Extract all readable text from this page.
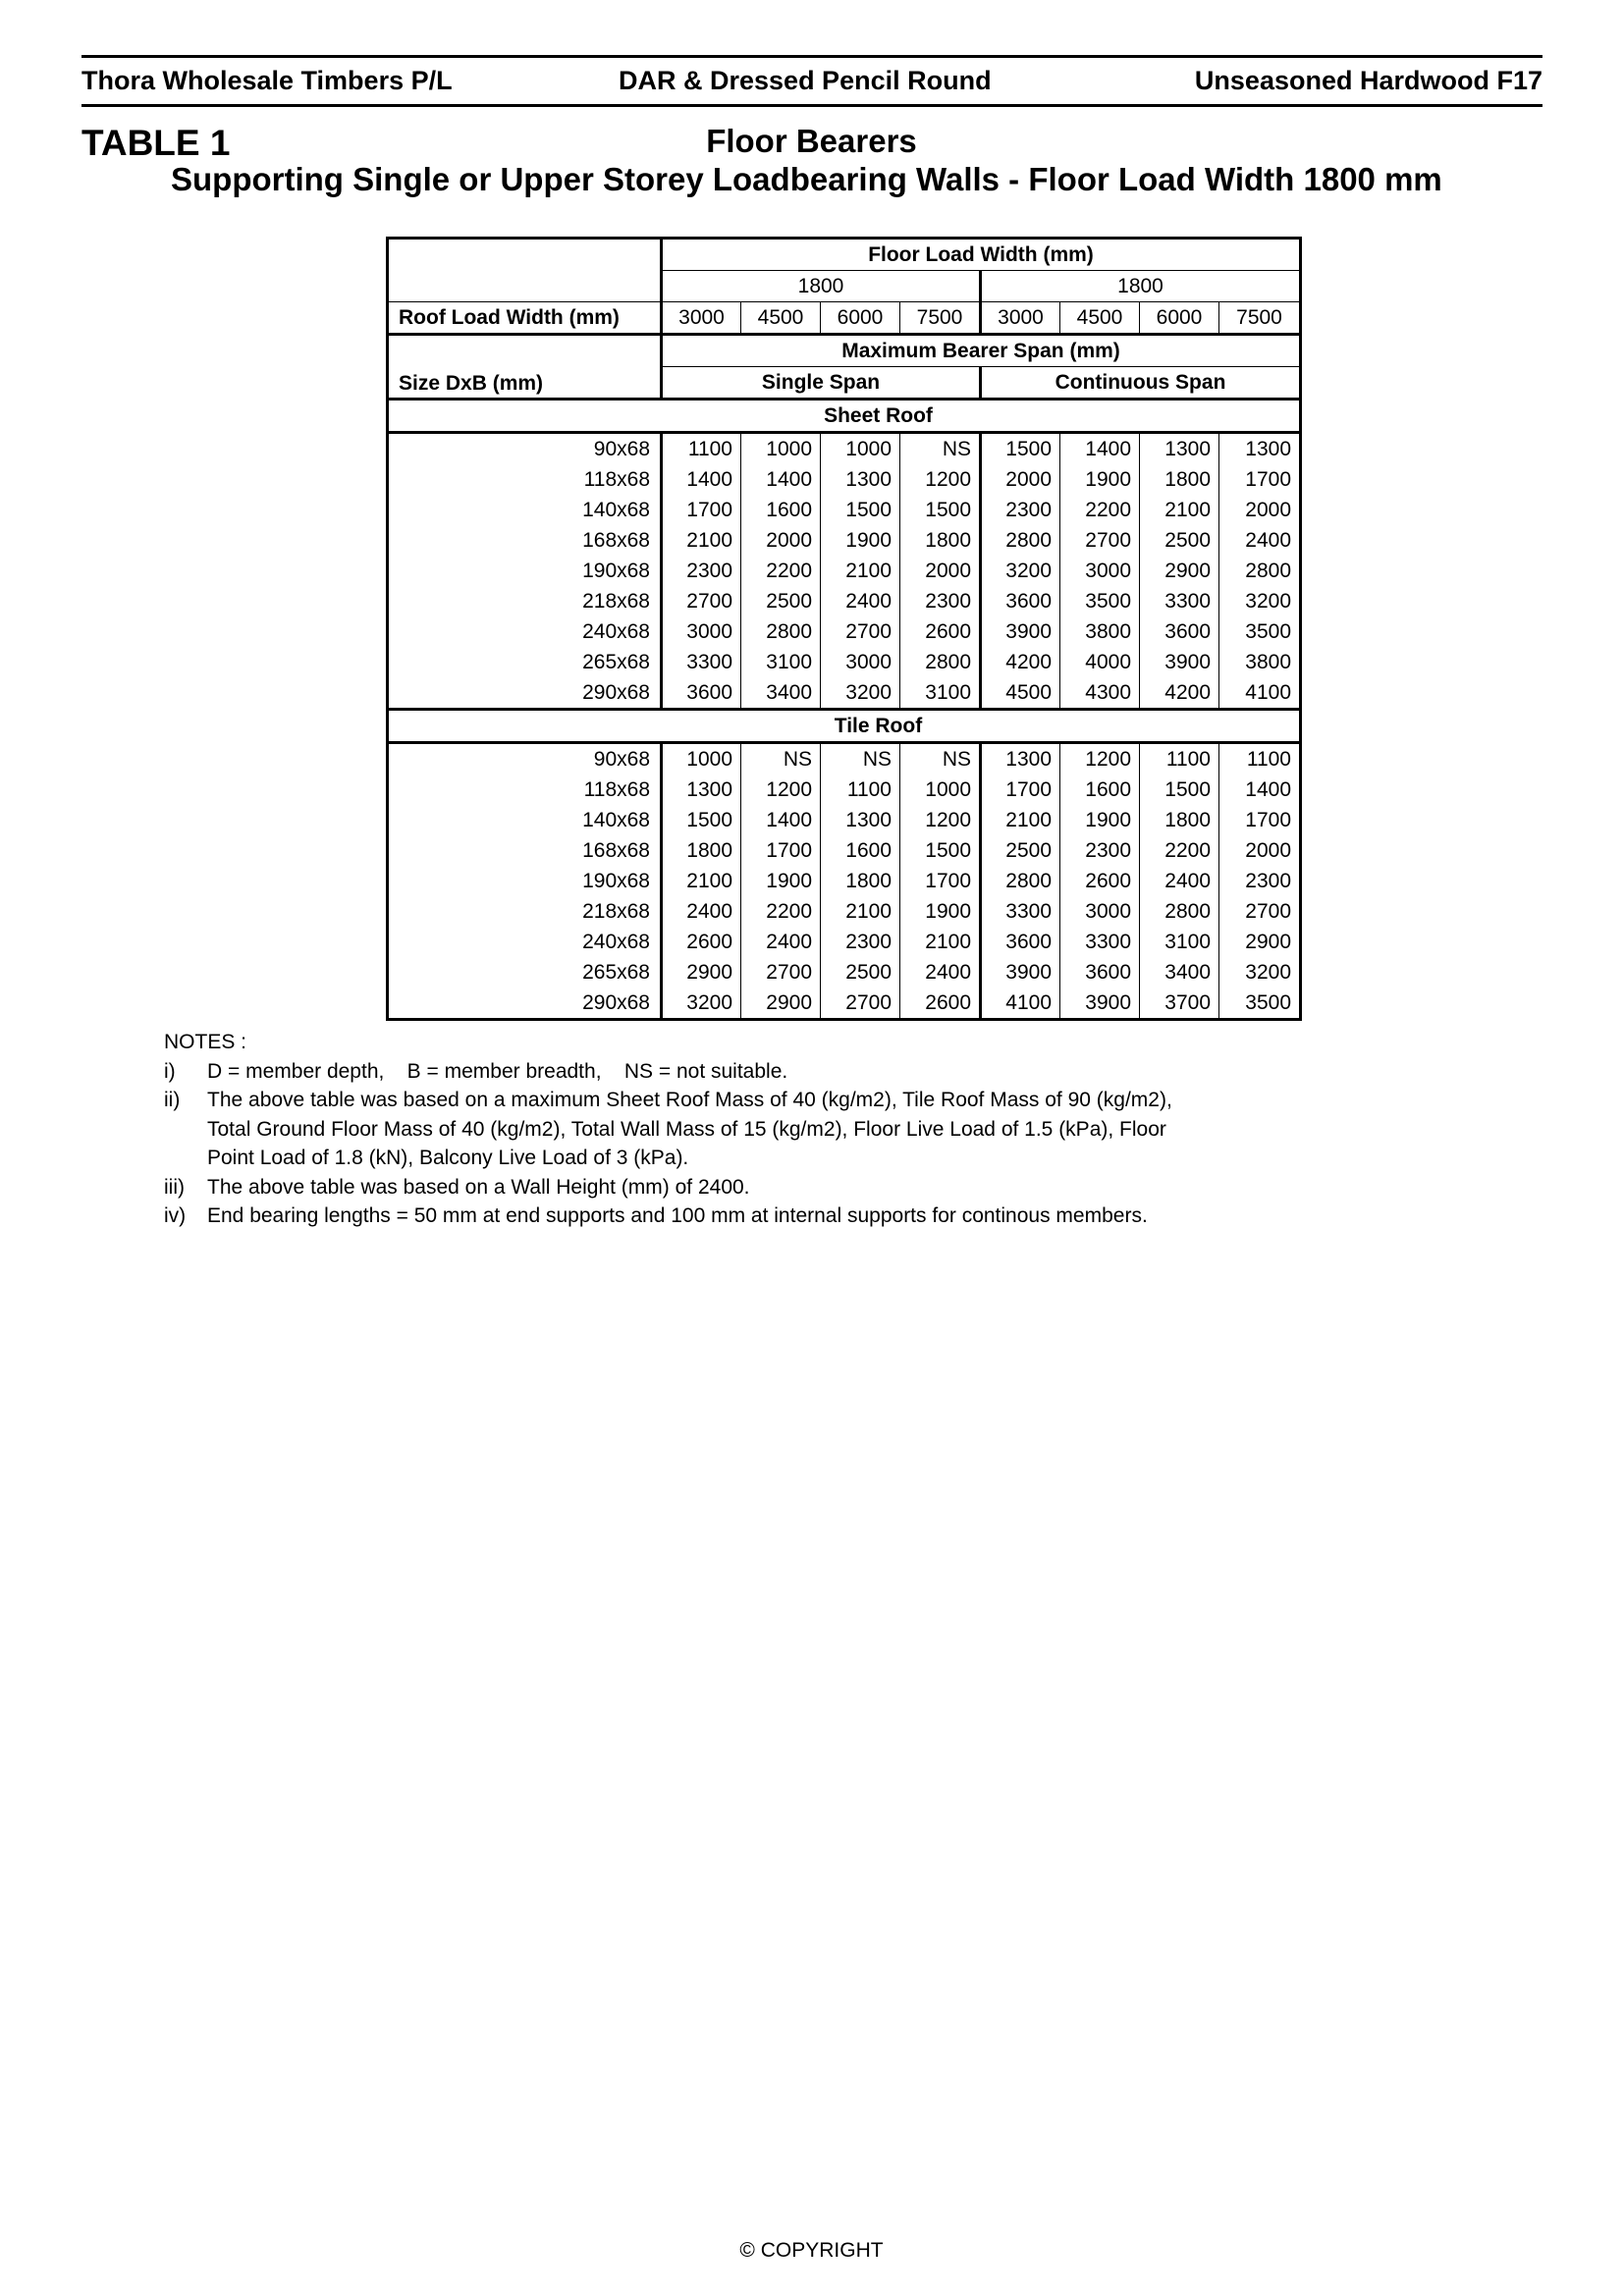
Thora Wholesale Timbers P/L	DAR & Dressed Pencil Round	Unseasoned Hardwood F17
TABLE 1	Floor Bearers
Supporting Single or Upper Storey Loadbearing Walls - Floor Load Width 1800 mm
	Floor Load Width (mm)							
	1800				1800			
Roof Load Width (mm)	3000	4500	6000	7500	3000	4500	6000	7500
	Maximum Bearer Span (mm)							
Size DxB (mm)	Single Span				Continuous Span			
Sheet Roof								
90x68	1100	1000	1000	NS	1500	1400	1300	1300
118x68	1400	1400	1300	1200	2000	1900	1800	1700
140x68	1700	1600	1500	1500	2300	2200	2100	2000
168x68	2100	2000	1900	1800	2800	2700	2500	2400
190x68	2300	2200	2100	2000	3200	3000	2900	2800
218x68	2700	2500	2400	2300	3600	3500	3300	3200
240x68	3000	2800	2700	2600	3900	3800	3600	3500
265x68	3300	3100	3000	2800	4200	4000	3900	3800
290x68	3600	3400	3200	3100	4500	4300	4200	4100
Tile Roof								
90x68	1000	NS	NS	NS	1300	1200	1100	1100
118x68	1300	1200	1100	1000	1700	1600	1500	1400
140x68	1500	1400	1300	1200	2100	1900	1800	1700
168x68	1800	1700	1600	1500	2500	2300	2200	2000
190x68	2100	1900	1800	1700	2800	2600	2400	2300
218x68	2400	2200	2100	1900	3300	3000	2800	2700
240x68	2600	2400	2300	2100	3600	3300	3100	2900
265x68	2900	2700	2500	2400	3900	3600	3400	3200
290x68	3200	2900	2700	2600	4100	3900	3700	3500
NOTES :
i) D = member depth,    B = member breadth,    NS = not suitable.
ii) The above table was based on a maximum Sheet Roof Mass of 40 (kg/m2), Tile Roof Mass of 90 (kg/m2),
Total Ground Floor Mass of 40 (kg/m2), Total Wall Mass of 15 (kg/m2), Floor Live Load of 1.5 (kPa), Floor
Point Load of 1.8 (kN), Balcony Live Load of 3 (kPa).
iii) The above table was based on a Wall Height (mm) of 2400.
iv) End bearing lengths = 50 mm at end supports and 100 mm at internal supports for continous members.
© COPYRIGHT
